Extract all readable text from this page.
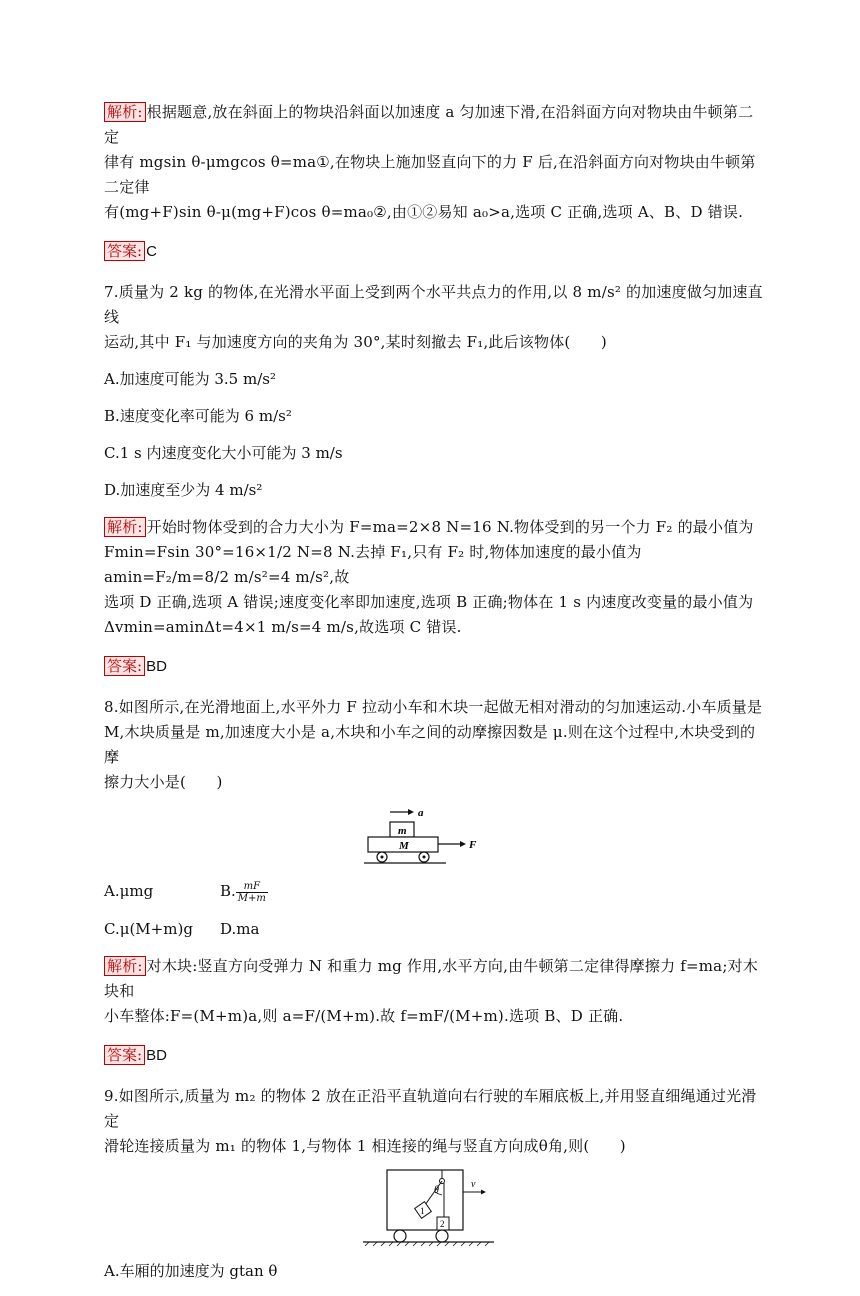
解析: 根据题意,放在斜面上的物块沿斜面以加速度 a 匀加速下滑,在沿斜面方向对物块由牛顿第二定

律有 mgsin θ-μmgcos θ=ma①,在物块上施加竖直向下的力 F 后,在沿斜面方向对物块由牛顿第二定律

有(mg+F)sin θ-μ(mg+F)cos θ=ma₀②,由①②易知 a₀>a,选项 C 正确,选项 A、B、D 错误.

答案: C

7.质量为 2 kg 的物体,在光滑水平面上受到两个水平共点力的作用,以 8 m/s² 的加速度做匀加速直线

运动,其中 F₁ 与加速度方向的夹角为 30°,某时刻撤去 F₁,此后该物体(　　)

A.加速度可能为 3.5 m/s²

B.速度变化率可能为 6 m/s²

C.1 s 内速度变化大小可能为 3 m/s

D.加速度至少为 4 m/s²

解析: 开始时物体受到的合力大小为 F=ma=2×8 N=16 N.物体受到的另一个力 F₂ 的最小值为

Fmin=Fsin 30°=16×1/2 N=8 N.去掉 F₁,只有 F₂ 时,物体加速度的最小值为 amin=F₂/m=8/2 m/s²=4 m/s²,故

选项 D 正确,选项 A 错误;速度变化率即加速度,选项 B 正确;物体在 1 s 内速度改变量的最小值为

Δvmin=aminΔt=4×1 m/s=4 m/s,故选项 C 错误.

答案: BD

8.如图所示,在光滑地面上,水平外力 F 拉动小车和木块一起做无相对滑动的匀加速运动.小车质量是

M,木块质量是 m,加速度大小是 a,木块和小车之间的动摩擦因数是 μ.则在这个过程中,木块受到的摩

擦力大小是(　　)

a
m
M	F
A.μmg	B. $\frac{mF}{M+m}$
C.μ(M+m)g	D.ma

解析: 对木块:竖直方向受弹力 N 和重力 mg 作用,水平方向,由牛顿第二定律得摩擦力 f=ma;对木块和

小车整体:F=(M+m)a,则 a=F/(M+m).故 f=mF/(M+m).选项 B、D 正确.

答案: BD

9.如图所示,质量为 m₂ 的物体 2 放在正沿平直轨道向右行驶的车厢底板上,并用竖直细绳通过光滑定

滑轮连接质量为 m₁ 的物体 1,与物体 1 相连接的绳与竖直方向成θ角,则(　　)

θ
1
2
v

A.车厢的加速度为 gtan θ
